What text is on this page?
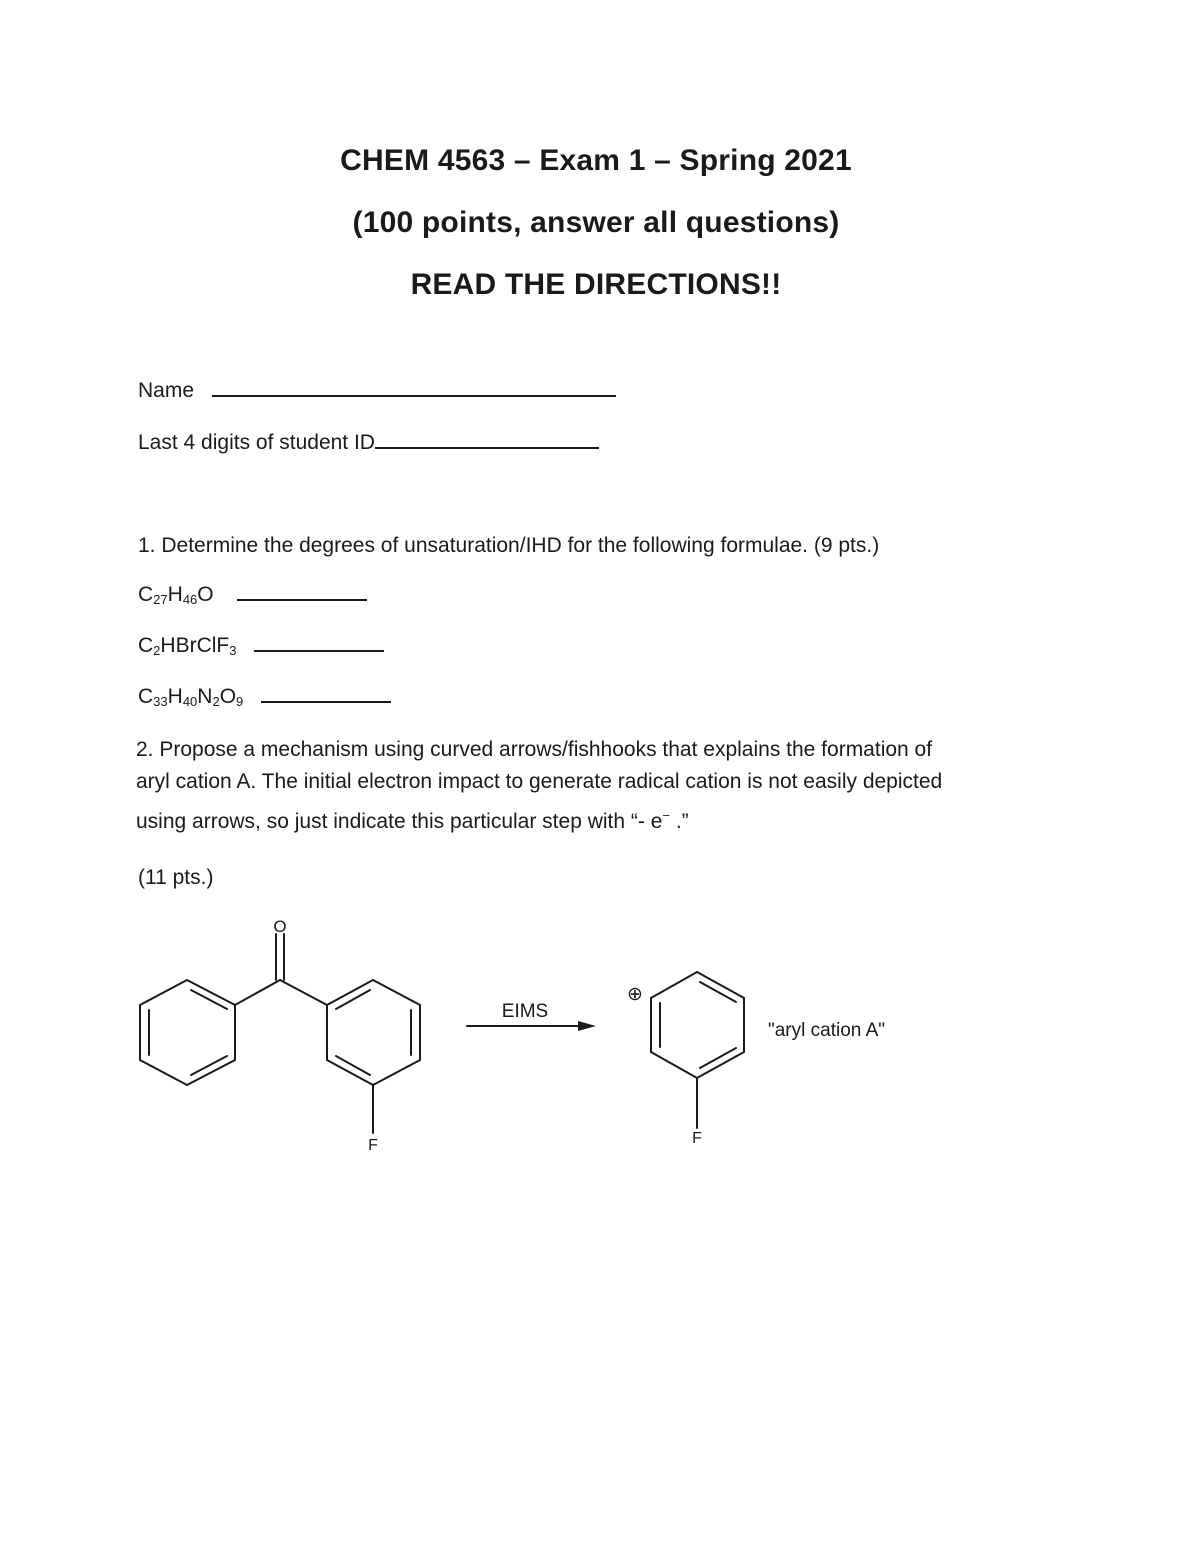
CHEM 4563 – Exam 1 – Spring 2021
(100 points, answer all questions)
READ THE DIRECTIONS!!
Name
Last 4 digits of student ID
1. Determine the degrees of unsaturation/IHD for the following formulae. (9 pts.)
$C_{27}H_{46}O$
$C_2HBrClF_3$
$C_{33}H_{40}N_2O_9$
2. Propose a mechanism using curved arrows/fishhooks that explains the formation of
aryl cation A. The initial electron impact to generate radical cation is not easily depicted
using arrows, so just indicate this particular step with “- e− .”
(11 pts.)
O
F
EIMS
⊕
F
"aryl cation A"
